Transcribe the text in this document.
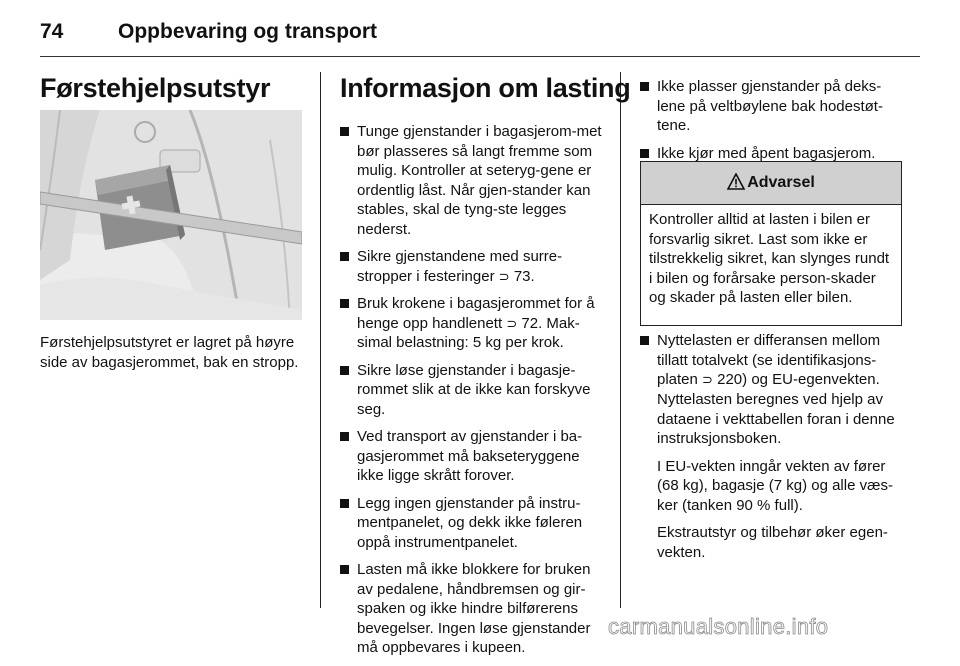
74	Oppbevaring og transport
Førstehjelpsutstyr
Førstehjelpsutstyret er lagret på høyre side av bagasjerommet, bak en stropp.
Informasjon om lasting
Tunge gjenstander i bagasjerom-met bør plasseres så langt fremme som mulig. Kontroller at seteryg-gene er ordentlig låst. Når gjen-stander kan stables, skal de tyng-ste legges nederst.
Sikre gjenstandene med surre-stropper i festeringer ⊃ 73.
Bruk krokene i bagasjerommet for å henge opp handlenett ⊃ 72. Mak-simal belastning: 5 kg per krok.
Sikre løse gjenstander i bagasje-rommet slik at de ikke kan forskyve seg.
Ved transport av gjenstander i ba-gasjerommet må bakseteryggene ikke ligge skrått forover.
Legg ingen gjenstander på instru-mentpanelet, og dekk ikke føleren oppå instrumentpanelet.
Lasten må ikke blokkere for bruken av pedalene, håndbremsen og gir-spaken og ikke hindre bilførerens bevegelser. Ingen løse gjenstander må oppbevares i kupeen.
Ikke plasser gjenstander på deks-lene på veltbøylene bak hodestøt-tene.
Ikke kjør med åpent bagasjerom.
Advarsel
Kontroller alltid at lasten i bilen er forsvarlig sikret. Last som ikke er tilstrekkelig sikret, kan slynges rundt i bilen og forårsake person-skader og skader på lasten eller bilen.
Nyttelasten er differansen mellom tillatt totalvekt (se identifikasjons-platen ⊃ 220) og EU-egenvekten.

Nyttelasten beregnes ved hjelp av dataene i vekttabellen foran i denne instruksjonsboken.

I EU-vekten inngår vekten av fører (68 kg), bagasje (7 kg) og alle væs-ker (tanken 90 % full).

Ekstrautstyr og tilbehør øker egen-vekten.

carmanualsonline.info
